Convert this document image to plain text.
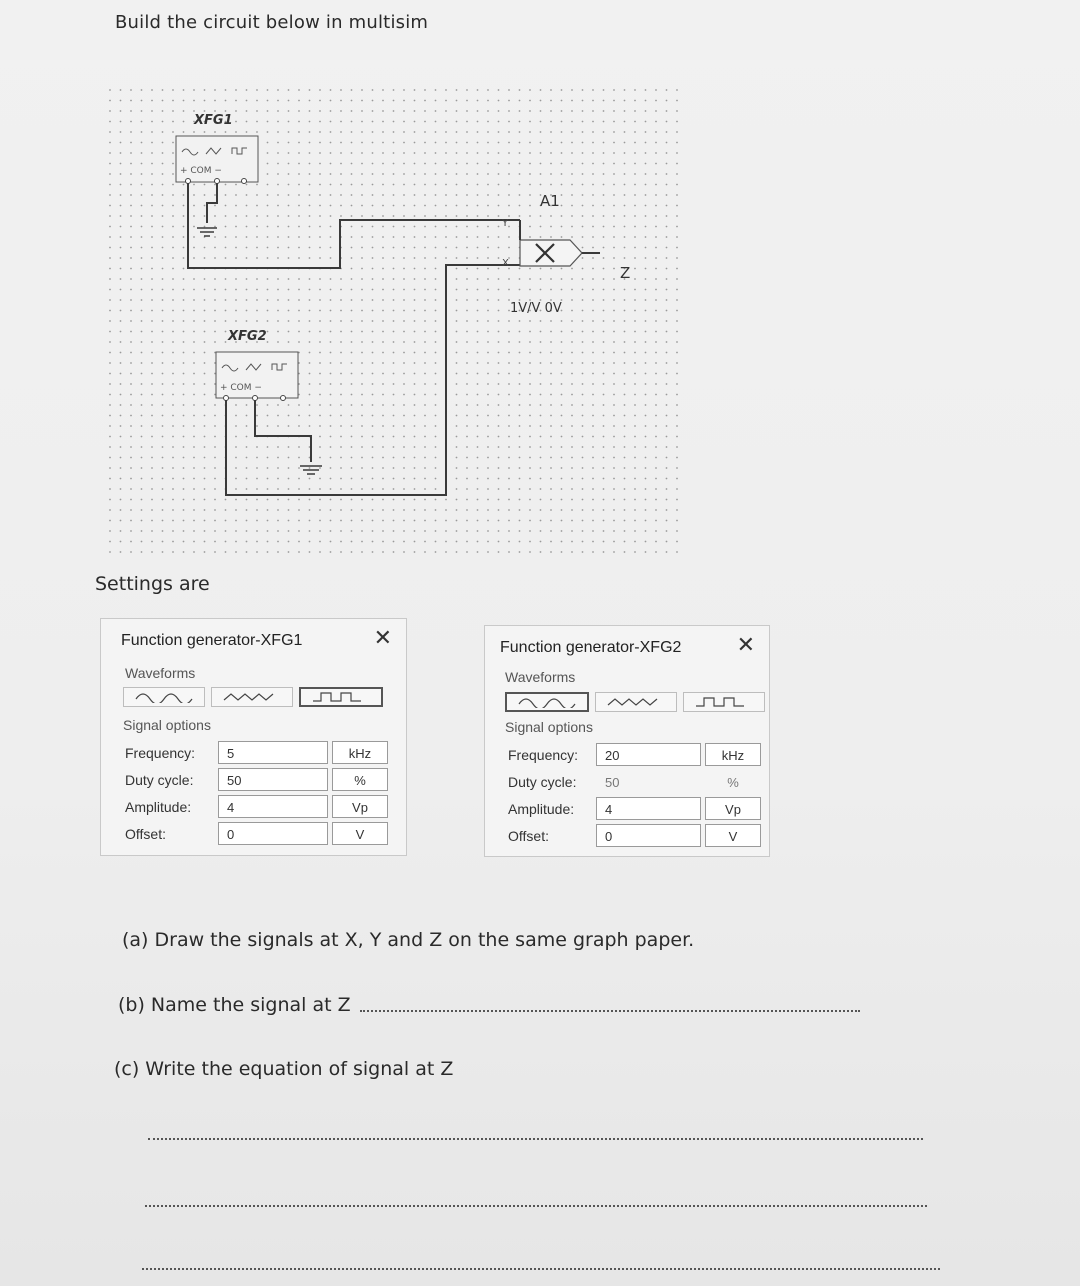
Build the circuit below in multisim
XFG1
+ COM −
XFG2
+ COM −
A1
Y
X
Z
1V/V 0V
Settings are
Function generator-XFG1	✕
Waveforms
Signal options
Frequency:	5	kHz
Duty cycle:	50	%
Amplitude:	4	Vp
Offset:	0	V
Function generator-XFG2	✕
Waveforms
Signal options
Frequency:	20	kHz
Duty cycle:	50	%
Amplitude:	4	Vp
Offset:	0	V
(a) Draw the signals at X, Y and Z on the same graph paper.
(b) Name the signal at Z
(c) Write the equation of signal at Z
